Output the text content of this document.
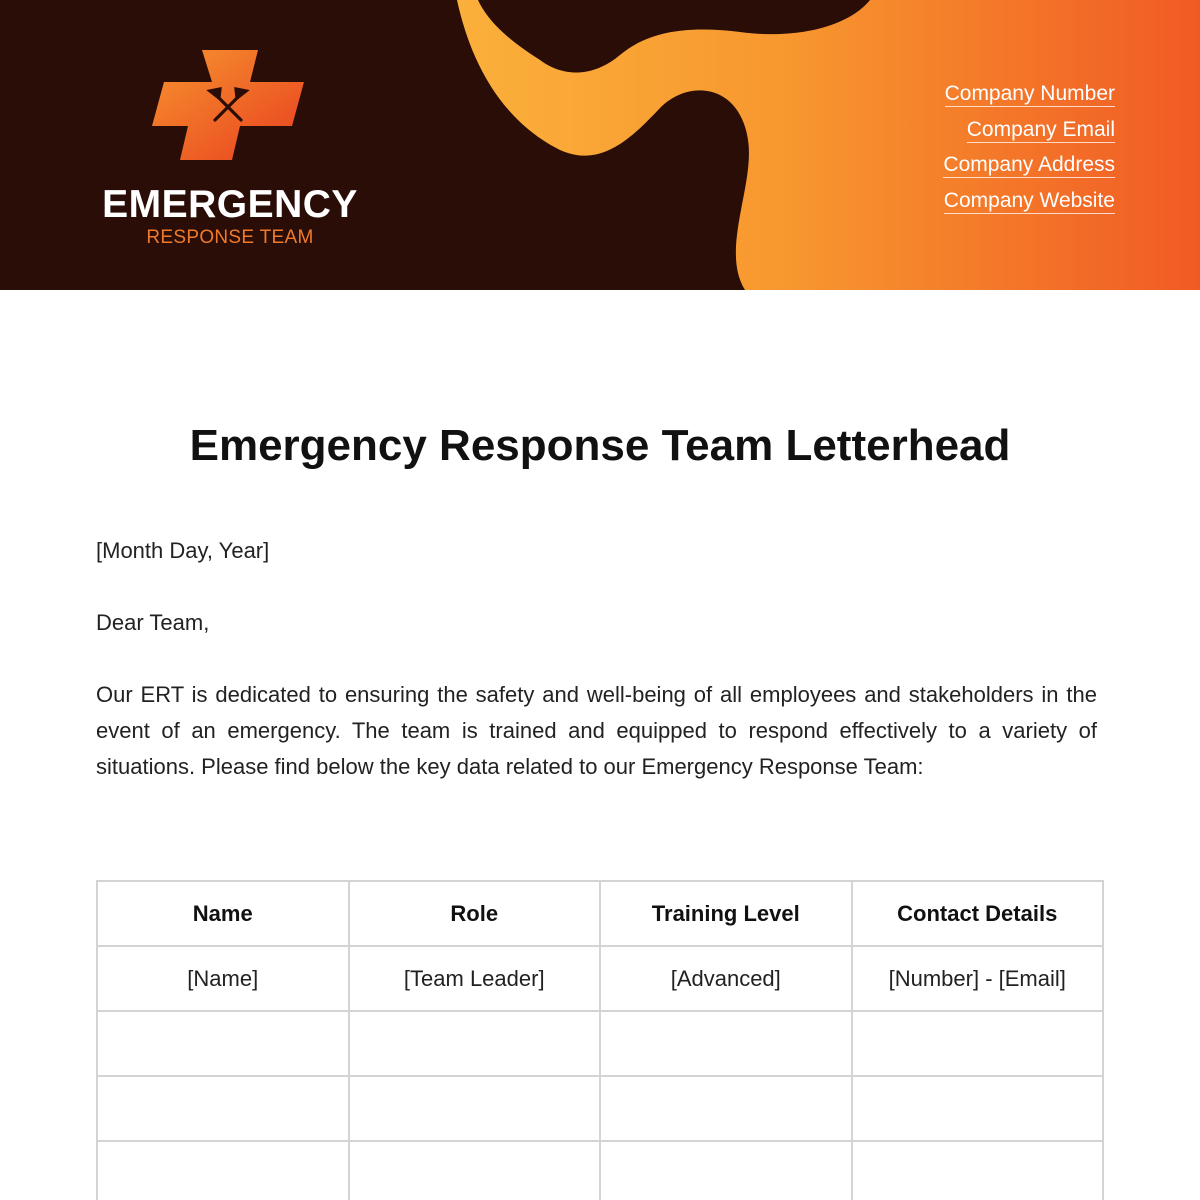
EMERGENCY
RESPONSE TEAM
Company Number
Company Email
Company Address
Company Website
Emergency Response Team Letterhead
[Month Day, Year]
Dear Team,
Our ERT is dedicated to ensuring the safety and well-being of all employees and stakeholders in the event of an emergency. The team is trained and equipped to respond effectively to a variety of situations. Please find below the key data related to our Emergency Response Team:
Name	Role	Training Level	Contact Details
[Name]	[Team Leader]	[Advanced]	[Number] - [Email]
